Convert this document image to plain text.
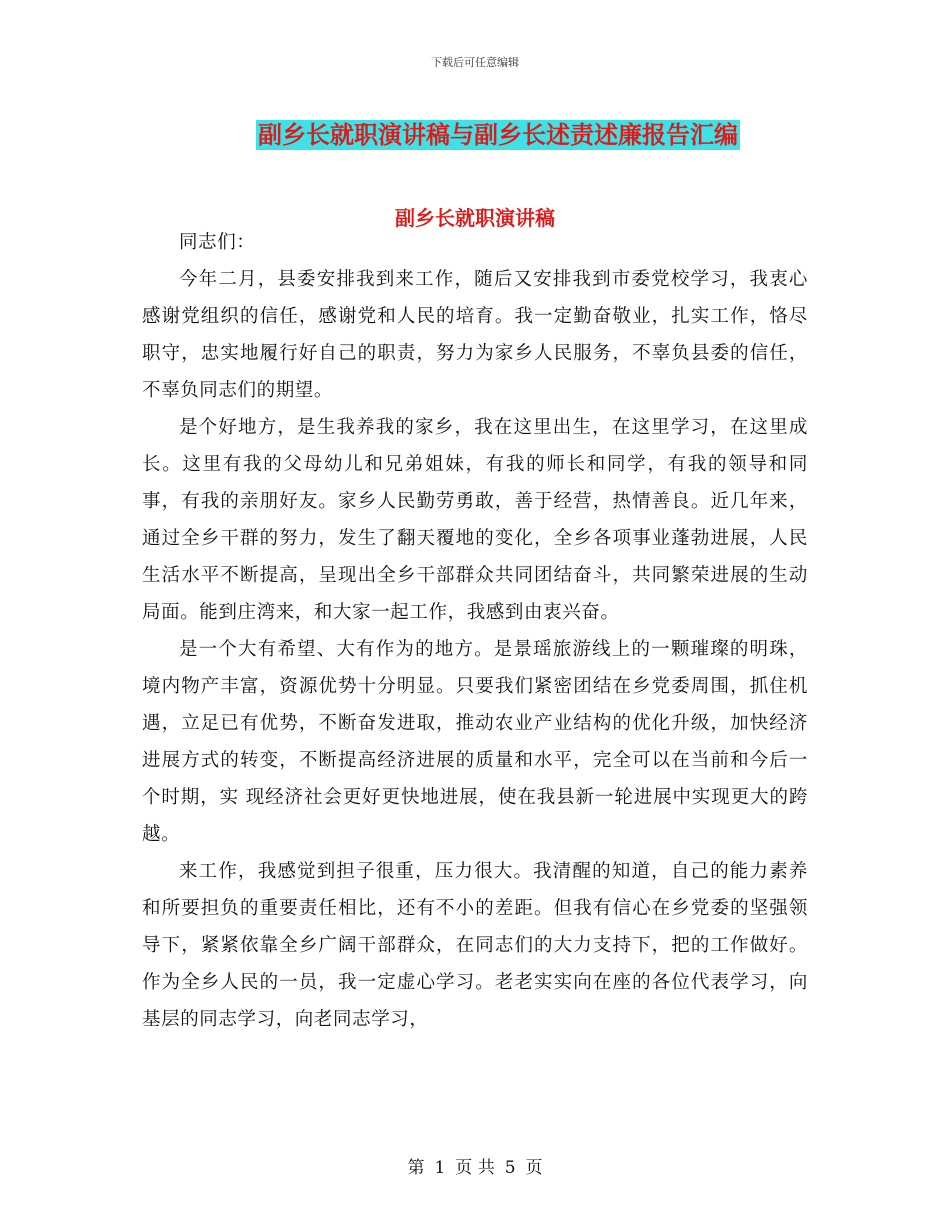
下载后可任意编辑
副乡长就职演讲稿与副乡长述责述廉报告汇编
副乡长就职演讲稿

同志们：

今年二月，县委安排我到来工作，随后又安排我到市委党校学习，我衷心感谢党组织的信任，感谢党和人民的培育。我一定勤奋敬业，扎实工作，恪尽职守，忠实地履行好自己的职责，努力为家乡人民服务，不辜负县委的信任，不辜负同志们的期望。

是个好地方，是生我养我的家乡，我在这里出生，在这里学习，在这里成长。这里有我的父母幼儿和兄弟姐妹，有我的师长和同学，有我的领导和同事，有我的亲朋好友。家乡人民勤劳勇敢，善于经营，热情善良。近几年来，通过全乡干群的努力，发生了翻天覆地的变化，全乡各项事业蓬勃进展，人民生活水平不断提高，呈现出全乡干部群众共同团结奋斗，共同繁荣进展的生动局面。能到庄湾来，和大家一起工作，我感到由衷兴奋。

是一个大有希望、大有作为的地方。是景瑶旅游线上的一颗璀璨的明珠，境内物产丰富，资源优势十分明显。只要我们紧密团结在乡党委周围，抓住机遇，立足已有优势，不断奋发进取，推动农业产业结构的优化升级，加快经济进展方式的转变，不断提高经济进展的质量和水平，完全可以在当前和今后一个时期，实 现经济社会更好更快地进展，使在我县新一轮进展中实现更大的跨越。

来工作，我感觉到担子很重，压力很大。我清醒的知道，自己的能力素养和所要担负的重要责任相比，还有不小的差距。但我有信心在乡党委的坚强领导下，紧紧依靠全乡广阔干部群众，在同志们的大力支持下，把的工作做好。作为全乡人民的一员，我一定虚心学习。老老实实向在座的各位代表学习，向基层的同志学习，向老同志学习，

第 1 页 共 5 页
